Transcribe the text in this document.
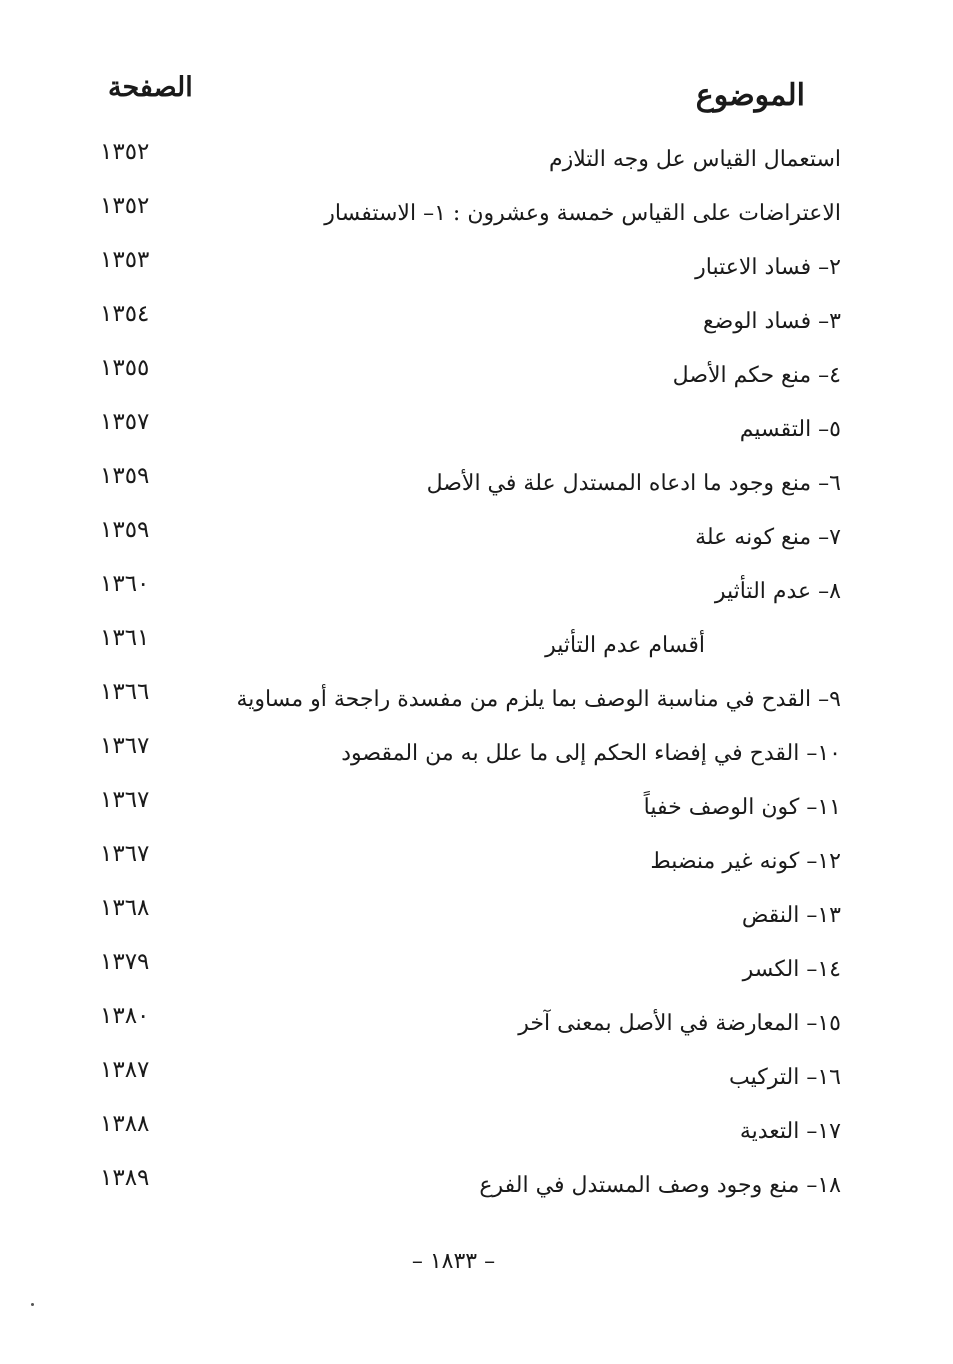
الموضوع
الصفحة
استعمال القياس عل وجه التلازم
١٣٥٢
الاعتراضات على القياس خمسة وعشرون : ١– الاستفسار
١٣٥٢
٢– فساد الاعتبار
١٣٥٣
٣– فساد الوضع
١٣٥٤
٤– منع حكم الأصل
١٣٥٥
٥– التقسيم
١٣٥٧
٦– منع وجود ما ادعاه المستدل علة في الأصل
١٣٥٩
٧– منع كونه علة
١٣٥٩
٨– عدم التأثير
١٣٦٠
أقسام عدم التأثير
١٣٦١
٩– القدح في مناسبة الوصف بما يلزم من مفسدة راجحة أو مساوية
١٣٦٦
١٠– القدح في إفضاء الحكم إلى ما علل به من المقصود
١٣٦٧
١١– كون الوصف خفياً
١٣٦٧
١٢– كونه غير منضبط
١٣٦٧
١٣– النقض
١٣٦٨
١٤– الكسر
١٣٧٩
١٥– المعارضة في الأصل بمعنى آخر
١٣٨٠
١٦– التركيب
١٣٨٧
١٧– التعدية
١٣٨٨
١٨– منع وجود وصف المستدل في الفرع
١٣٨٩
– ١٨٣٣ –
